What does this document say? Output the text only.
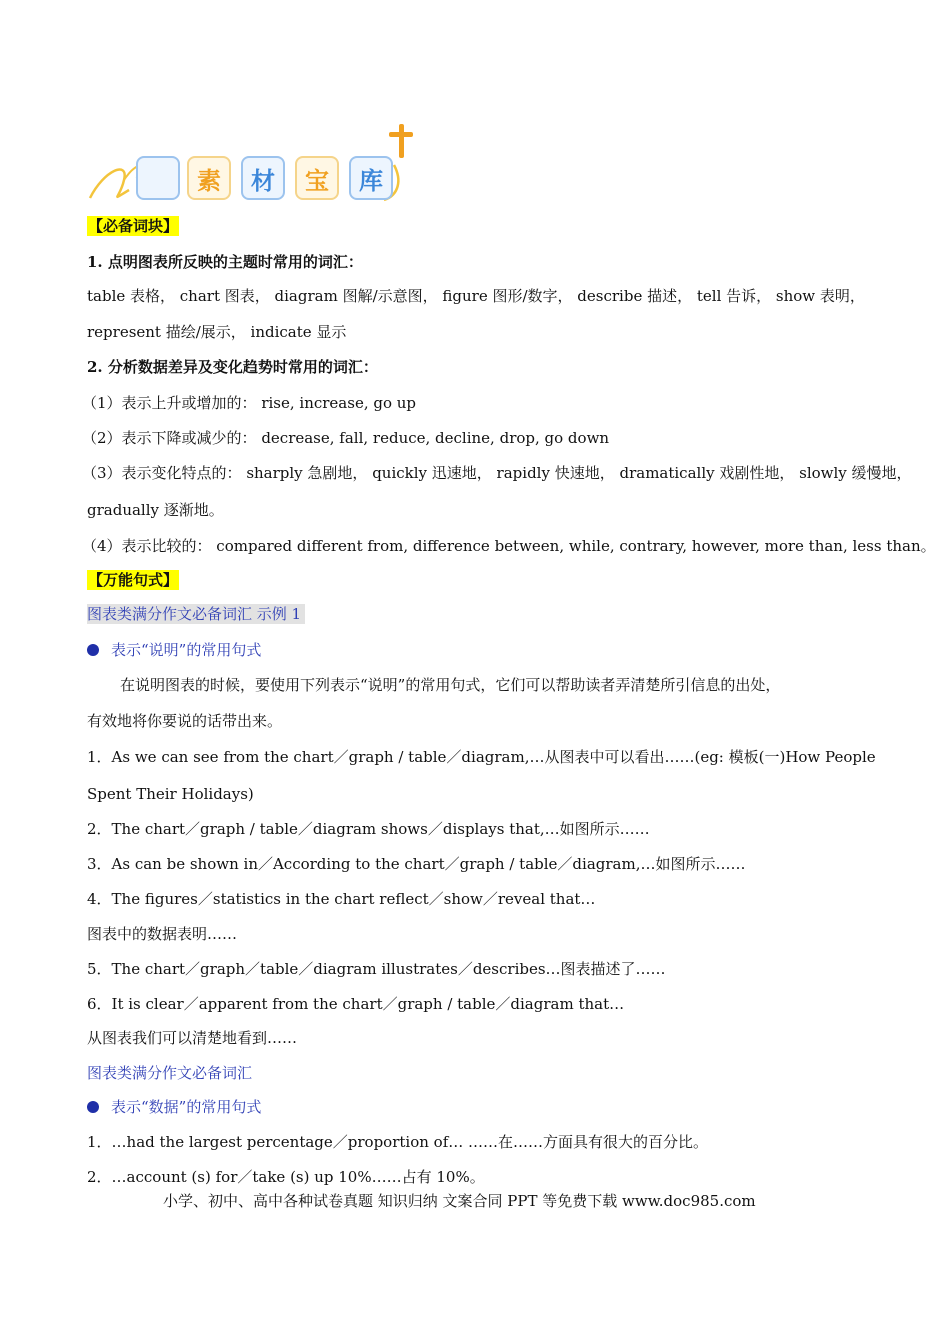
素	材	宝	库
【必备词块】
1. 点明图表所反映的主题时常用的词汇：
table 表格， chart 图表， diagram 图解/示意图， figure 图形/数字， describe 描述， tell 告诉， show 表明，
represent 描绘/展示， indicate 显示
2. 分析数据差异及变化趋势时常用的词汇：
（1）表示上升或增加的： rise, increase, go up
（2）表示下降或减少的： decrease, fall, reduce, decline, drop, go down
（3）表示变化特点的： sharply 急剧地， quickly 迅速地， rapidly 快速地， dramatically 戏剧性地， slowly 缓慢地，
gradually 逐渐地。
（4）表示比较的： compared different from, difference between, while, contrary, however, more than, less than。
【万能句式】
图表类满分作文必备词汇 示例 1
表示“说明”的常用句式
在说明图表的时候，要使用下列表示“说明”的常用句式，它们可以帮助读者弄清楚所引信息的出处，
有效地将你要说的话带出来。
1．As we can see from the chart／graph / table／diagram,…从图表中可以看出……(eg: 模板(一)How People
Spent Their Holidays)
2．The chart／graph / table／diagram shows／displays that,…如图所示……
3．As can be shown in／According to the chart／graph / table／diagram,…如图所示……
4．The figures／statistics in the chart reflect／show／reveal that…
图表中的数据表明……
5．The chart／graph／table／diagram illustrates／describes…图表描述了……
6．It is clear／apparent from the chart／graph / table／diagram that…
从图表我们可以清楚地看到……
图表类满分作文必备词汇
表示“数据”的常用句式
1．…had the largest percentage／proportion of… ……在……方面具有很大的百分比。
2．…account (s) for／take (s) up 10%……占有 10%。
小学、初中、高中各种试卷真题 知识归纳 文案合同 PPT 等免费下载 www.doc985.com
